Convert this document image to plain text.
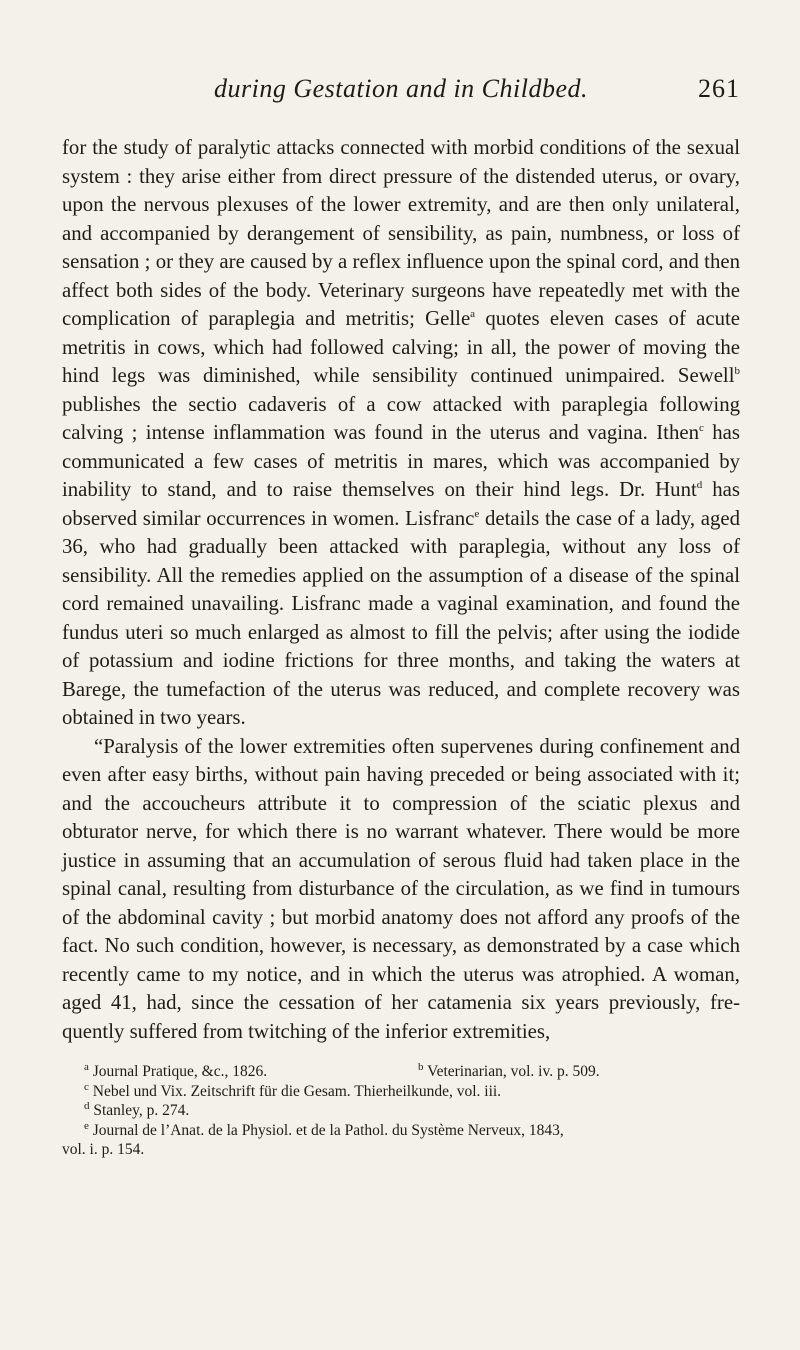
during Gestation and in Childbed.	261

for the study of paralytic attacks connected with morbid conditions of the sexual system : they arise either from direct pressure of the distended uterus, or ovary, upon the nervous plexuses of the lower extremity, and are then only unilateral, and accompanied by derangement of sensibility, as pain, numbness, or loss of sensation ; or they are caused by a reflex influence upon the spinal cord, and then affect both sides of the body. Veterinary surgeons have repeatedly met with the complication of paraplegia and metritis; Gelle$^a$ quotes eleven cases of acute metritis in cows, which had followed calving; in all, the power of moving the hind legs was diminished, while sensibility continued unimpaired. Sewell$^b$ publishes the sectio cadaveris of a cow attacked with paraplegia following calving ; intense inflammation was found in the uterus and vagina. Ithen$^c$ has communicated a few cases of metritis in mares, which was accompanied by inability to stand, and to raise themselves on their hind legs. Dr. Hunt$^d$ has observed similar occurrences in women. Lisfranc$^e$ details the case of a lady, aged 36, who had gradually been attacked with paraplegia, without any loss of sensibility. All the remedies applied on the assumption of a disease of the spinal cord remained unavailing. Lisfranc made a vaginal examination, and found the fundus uteri so much enlarged as almost to fill the pelvis; after using the iodide of potassium and iodine frictions for three months, and taking the waters at Barege, the tumefaction of the uterus was reduced, and complete recovery was obtained in two years.

“Paralysis of the lower extremities often supervenes during confinement and even after easy births, without pain having preceded or being associated with it; and the accoucheurs attribute it to compression of the sciatic plexus and obturator nerve, for which there is no warrant whatever. There would be more justice in assuming that an accumulation of serous fluid had taken place in the spinal canal, resulting from disturbance of the circulation, as we find in tumours of the abdominal cavity ; but morbid anatomy does not afford any proofs of the fact. No such condition, however, is necessary, as demonstrated by a case which recently came to my notice, and in which the uterus was atrophied. A woman, aged 41, had, since the cessation of her catamenia six years previously, frequently suffered from twitching of the inferior extremities,

$^a$ Journal Pratique, &c., 1826.	$^b$ Veterinarian, vol. iv. p. 509.
$^c$ Nebel und Vix. Zeitschrift für die Gesam. Thierheilkunde, vol. iii.
$^d$ Stanley, p. 274.
$^e$ Journal de l’Anat. de la Physiol. et de la Pathol. du Système Nerveux, 1843,
vol. i. p. 154.
